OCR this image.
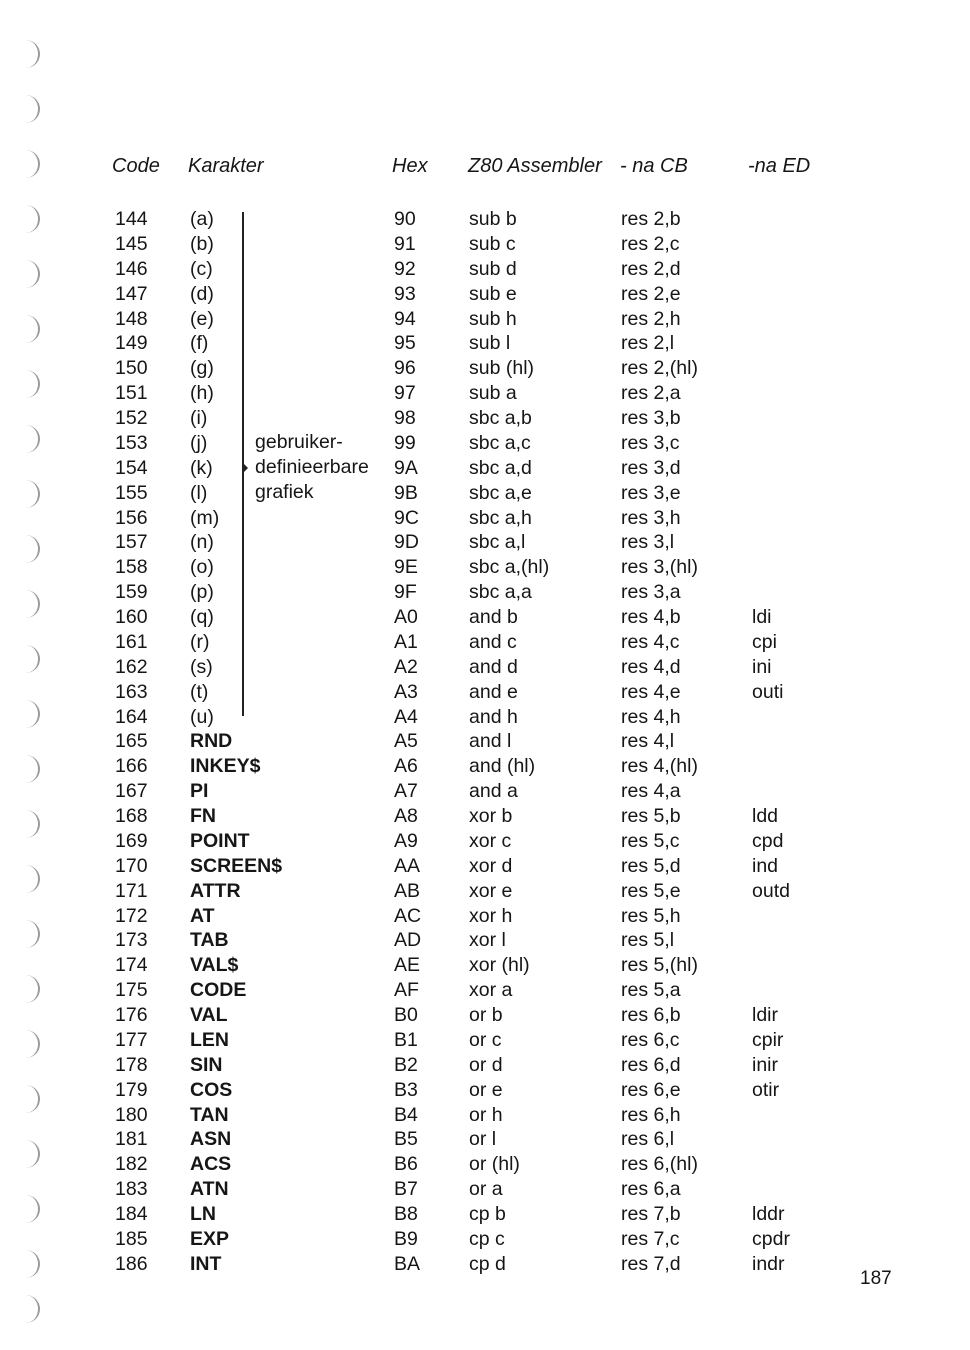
Code Karakter	Hex Z80 Assembler - na CB	-na ED
144
145
146
147
148
149
150
151
152
153
154
155
156
157
158
159
160
161
162
163
164
165
166
167
168
169
170
171
172
173
174
175
176
177
178
179
180
181
182
183
184
185
186
(a)
(b)
(c)
(d)
(e)
(f)
(g)
(h)
(i)
(j)
(k)
(l)
(m)
(n)
(o)
(p)
(q)
(r)
(s)
(t)
(u)
RND
INKEY$
PI
FN
POINT
SCREEN$
ATTR
AT
TAB
VAL$
CODE
VAL
LEN
SIN
COS
TAN
ASN
ACS
ATN
LN
EXP
INT
90
91
92
93
94
95
96
97
98
99
9A
9B
9C
9D
9E
9F
A0
A1
A2
A3
A4
A5
A6
A7
A8
A9
AA
AB
AC
AD
AE
AF
B0
B1
B2
B3
B4
B5
B6
B7
B8
B9
BA
sub b
sub c
sub d
sub e
sub h
sub l
sub (hl)
sub a
sbc a,b
sbc a,c
sbc a,d
sbc a,e
sbc a,h
sbc a,l
sbc a,(hl)
sbc a,a
and b
and c
and d
and e
and h
and l
and (hl)
and a
xor b
xor c
xor d
xor e
xor h
xor l
xor (hl)
xor a
or b
or c
or d
or e
or h
or l
or (hl)
or a
cp b
cp c
cp d
res 2,b
res 2,c
res 2,d
res 2,e
res 2,h
res 2,l
res 2,(hl)
res 2,a
res 3,b
res 3,c
res 3,d
res 3,e
res 3,h
res 3,l
res 3,(hl)
res 3,a
res 4,b
res 4,c
res 4,d
res 4,e
res 4,h
res 4,l
res 4,(hl)
res 4,a
res 5,b
res 5,c
res 5,d
res 5,e
res 5,h
res 5,l
res 5,(hl)
res 5,a
res 6,b
res 6,c
res 6,d
res 6,e
res 6,h
res 6,l
res 6,(hl)
res 6,a
res 7,b
res 7,c
res 7,d
ldi
cpi
ini
outi
ldd
cpd
ind
outd
ldir
cpir
inir
otir
lddr
cpdr
indr
gebruiker-
definieerbare
grafiek
187
